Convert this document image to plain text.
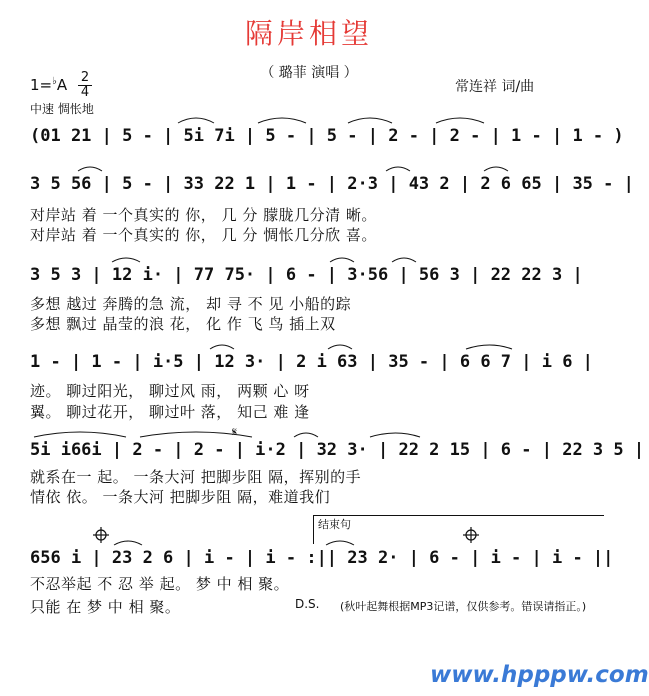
隔岸相望
（ 璐菲 演唱 ）
1=♭A 2
4
中速 惆怅地
常连祥 词/曲
(01 21 | 5 - | 5i 7i | 5 - | 5 - | 2 - | 2 - | 1 - | 1 - )
3 5 56 | 5 - | 33 22 1 | 1 - | 2·3 | 43 2 | 2 6 65 | 35 - |
对岸站 着 一个真实的 你， 几 分 朦胧几分清 晰。
对岸站 着 一个真实的 你， 几 分 惆怅几分欣 喜。
3 5 3 | 12 i· | 77 75· | 6 - | 3·56 | 56 3 | 22 22 3 |
多想 越过 奔腾的急 流， 却 寻 不 见 小船的踪
多想 飘过 晶莹的浪 花， 化 作 飞 鸟 插上双
1 - | 1 - | i·5 | 12 3· | 2 i 63 | 35 - | 6 6 7 | i 6 |
迹。 聊过阳光， 聊过风 雨， 两颗 心 呀
翼。 聊过花开， 聊过叶 落， 知己 难 逢
5i i66i | 2 - | 2 - | i·2 | 32 3· | 22 2 15 | 6 - | 22 3 5 |
就系在一 起。 一条大河 把脚步阻 隔，挥别的手
情依 依。 一条大河 把脚步阻 隔，难道我们
结束句
656 i | 23 2 6 | i - | i - :|| 23 2· | 6 - | i - | i - ||
不忍举起 不 忍 举 起。 梦 中 相 聚。
只能 在 梦 中 相 聚。	D.S. (秋叶起舞根据MP3记谱，仅供参考。错误请指正。)
𝄋
www.hpppw.com
